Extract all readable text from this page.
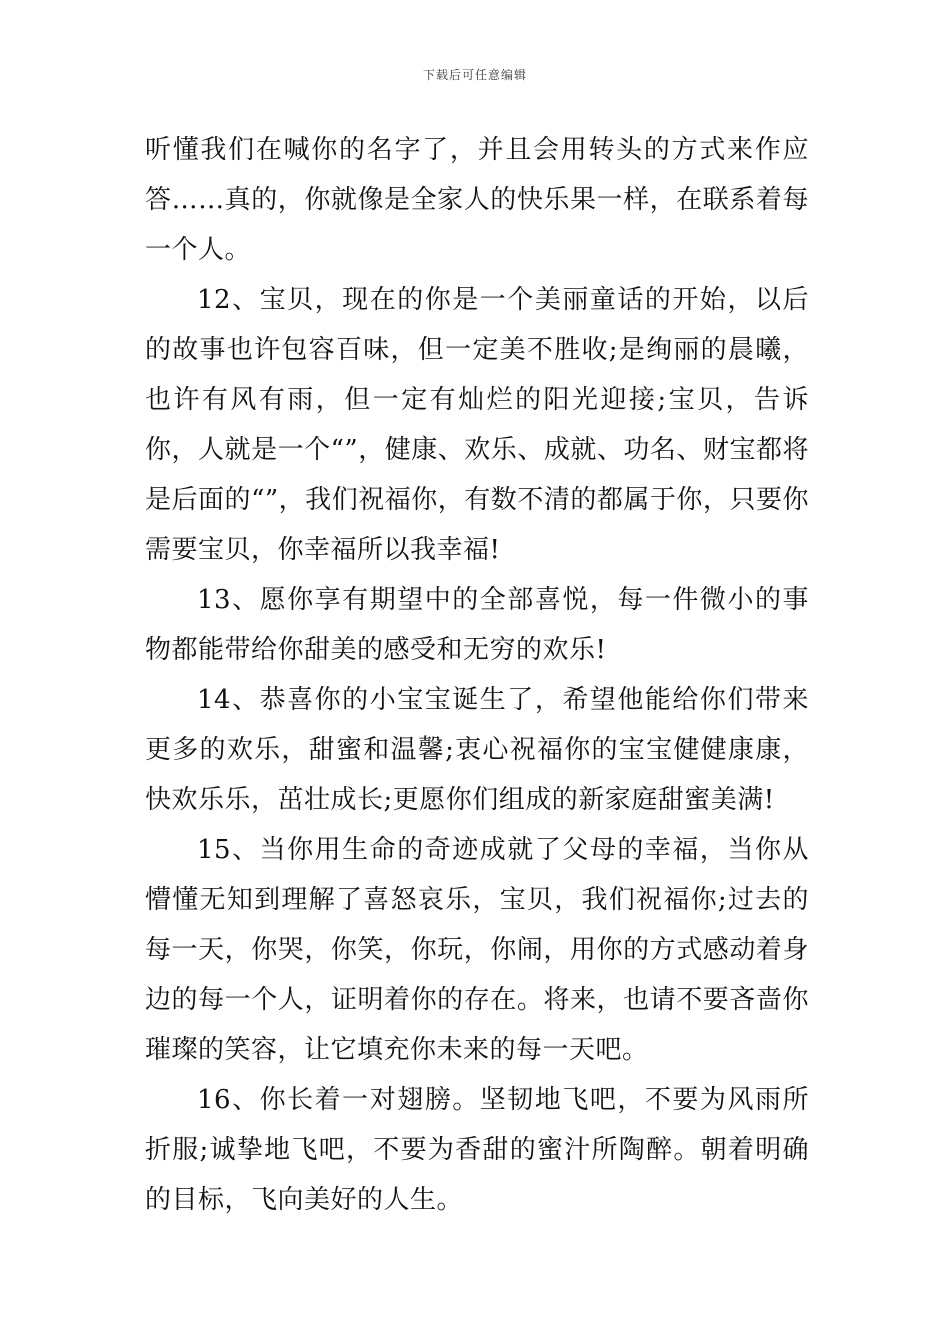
下载后可任意编辑

听懂我们在喊你的名字了，并且会用转头的方式来作应答……真的，你就像是全家人的快乐果一样，在联系着每一个人。

12、宝贝，现在的你是一个美丽童话的开始，以后的故事也许包容百味，但一定美不胜收;是绚丽的晨曦，也许有风有雨，但一定有灿烂的阳光迎接;宝贝，告诉你，人就是一个“”，健康、欢乐、成就、功名、财宝都将是后面的“”，我们祝福你，有数不清的都属于你，只要你需要宝贝，你幸福所以我幸福!

13、愿你享有期望中的全部喜悦，每一件微小的事物都能带给你甜美的感受和无穷的欢乐!

14、恭喜你的小宝宝诞生了，希望他能给你们带来更多的欢乐，甜蜜和温馨;衷心祝福你的宝宝健健康康，快欢乐乐，茁壮成长;更愿你们组成的新家庭甜蜜美满!

15、当你用生命的奇迹成就了父母的幸福，当你从懵懂无知到理解了喜怒哀乐，宝贝，我们祝福你;过去的每一天，你哭，你笑，你玩，你闹，用你的方式感动着身边的每一个人，证明着你的存在。将来，也请不要吝啬你璀璨的笑容，让它填充你未来的每一天吧。

16、你长着一对翅膀。坚韧地飞吧，不要为风雨所折服;诚挚地飞吧，不要为香甜的蜜汁所陶醉。朝着明确的目标，飞向美好的人生。
